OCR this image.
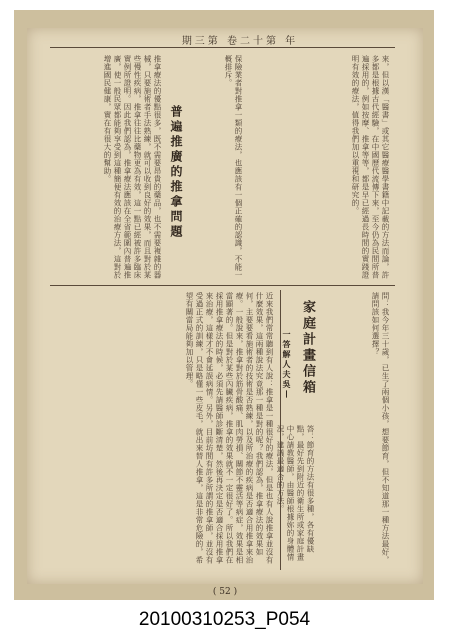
期三第 卷二十第 年
來，但以漢「醫書」或其它醫療醫學書籍中記載的方法而論，許多都是根據古代經驗，在中國歷代流傳下來，至今仍為民間所普遍採用的，例如按摩、推拿等等，都是早已經過長時間的實踐證明有效的療法，值得我們加以重視和研究的。
普遍推廣的推拿問題	保險業者對推拿一類的療法，也應該有一個正確的認識，不能一概排斥。
推拿療法的優點很多，既不需要昂貴的藥品，也不需要複雜的器械，只要施術者手法熟練，就可以收到良好的效果，而且對於某些慢性疾病，推拿往往比藥物更為有效，這一點已經被許多臨床實例所證明。因此我們認為，推拿療法應該在全省範圍內普遍推廣，使一般民眾都能夠享受到這種簡便有效的治療方法，這對於增進國民健康，實在有很大的幫助。
近來我們常常聽到有人說：推拿是一種很好的療法，但是也有人說推拿並沒有什麼效果，這兩種說法究竟那一種是對的呢？我們認為，推拿療法的效果如何，主要要看施術者的技術是否熟練，以及所治療的疾病是否適合用推拿來治療。一般說來，推拿對於筋骨酸痛、肌肉勞損、關節不靈活等病症，效果是相當顯著的。但是對於某些內臟疾病，推拿的效果就不一定很好了。所以我們在採用推拿療法的時候，必須先請醫師診斷清楚，然後再決定是否適合採用推拿來治療，這樣才不會延誤病情。另外，目前坊間有許多所謂的推拿師，並沒有受過正式的訓練，只是略懂一些皮毛，就出來替人推拿，這是非常危險的，希望有關當局能夠加以管理。	家庭計畫信箱
一答解人夫吳—	問：我今年三十歲，已生了兩個小孩，想要節育，但不知道那一種方法最好，請問該如何選擇？
答：節育的方法有很多種，各有優缺點，最好先到附近的衛生所或家庭計畫中心請教醫師，由醫師根據妳的身體情況，建議最適合的方法。
( 52 )
20100310253_P054
